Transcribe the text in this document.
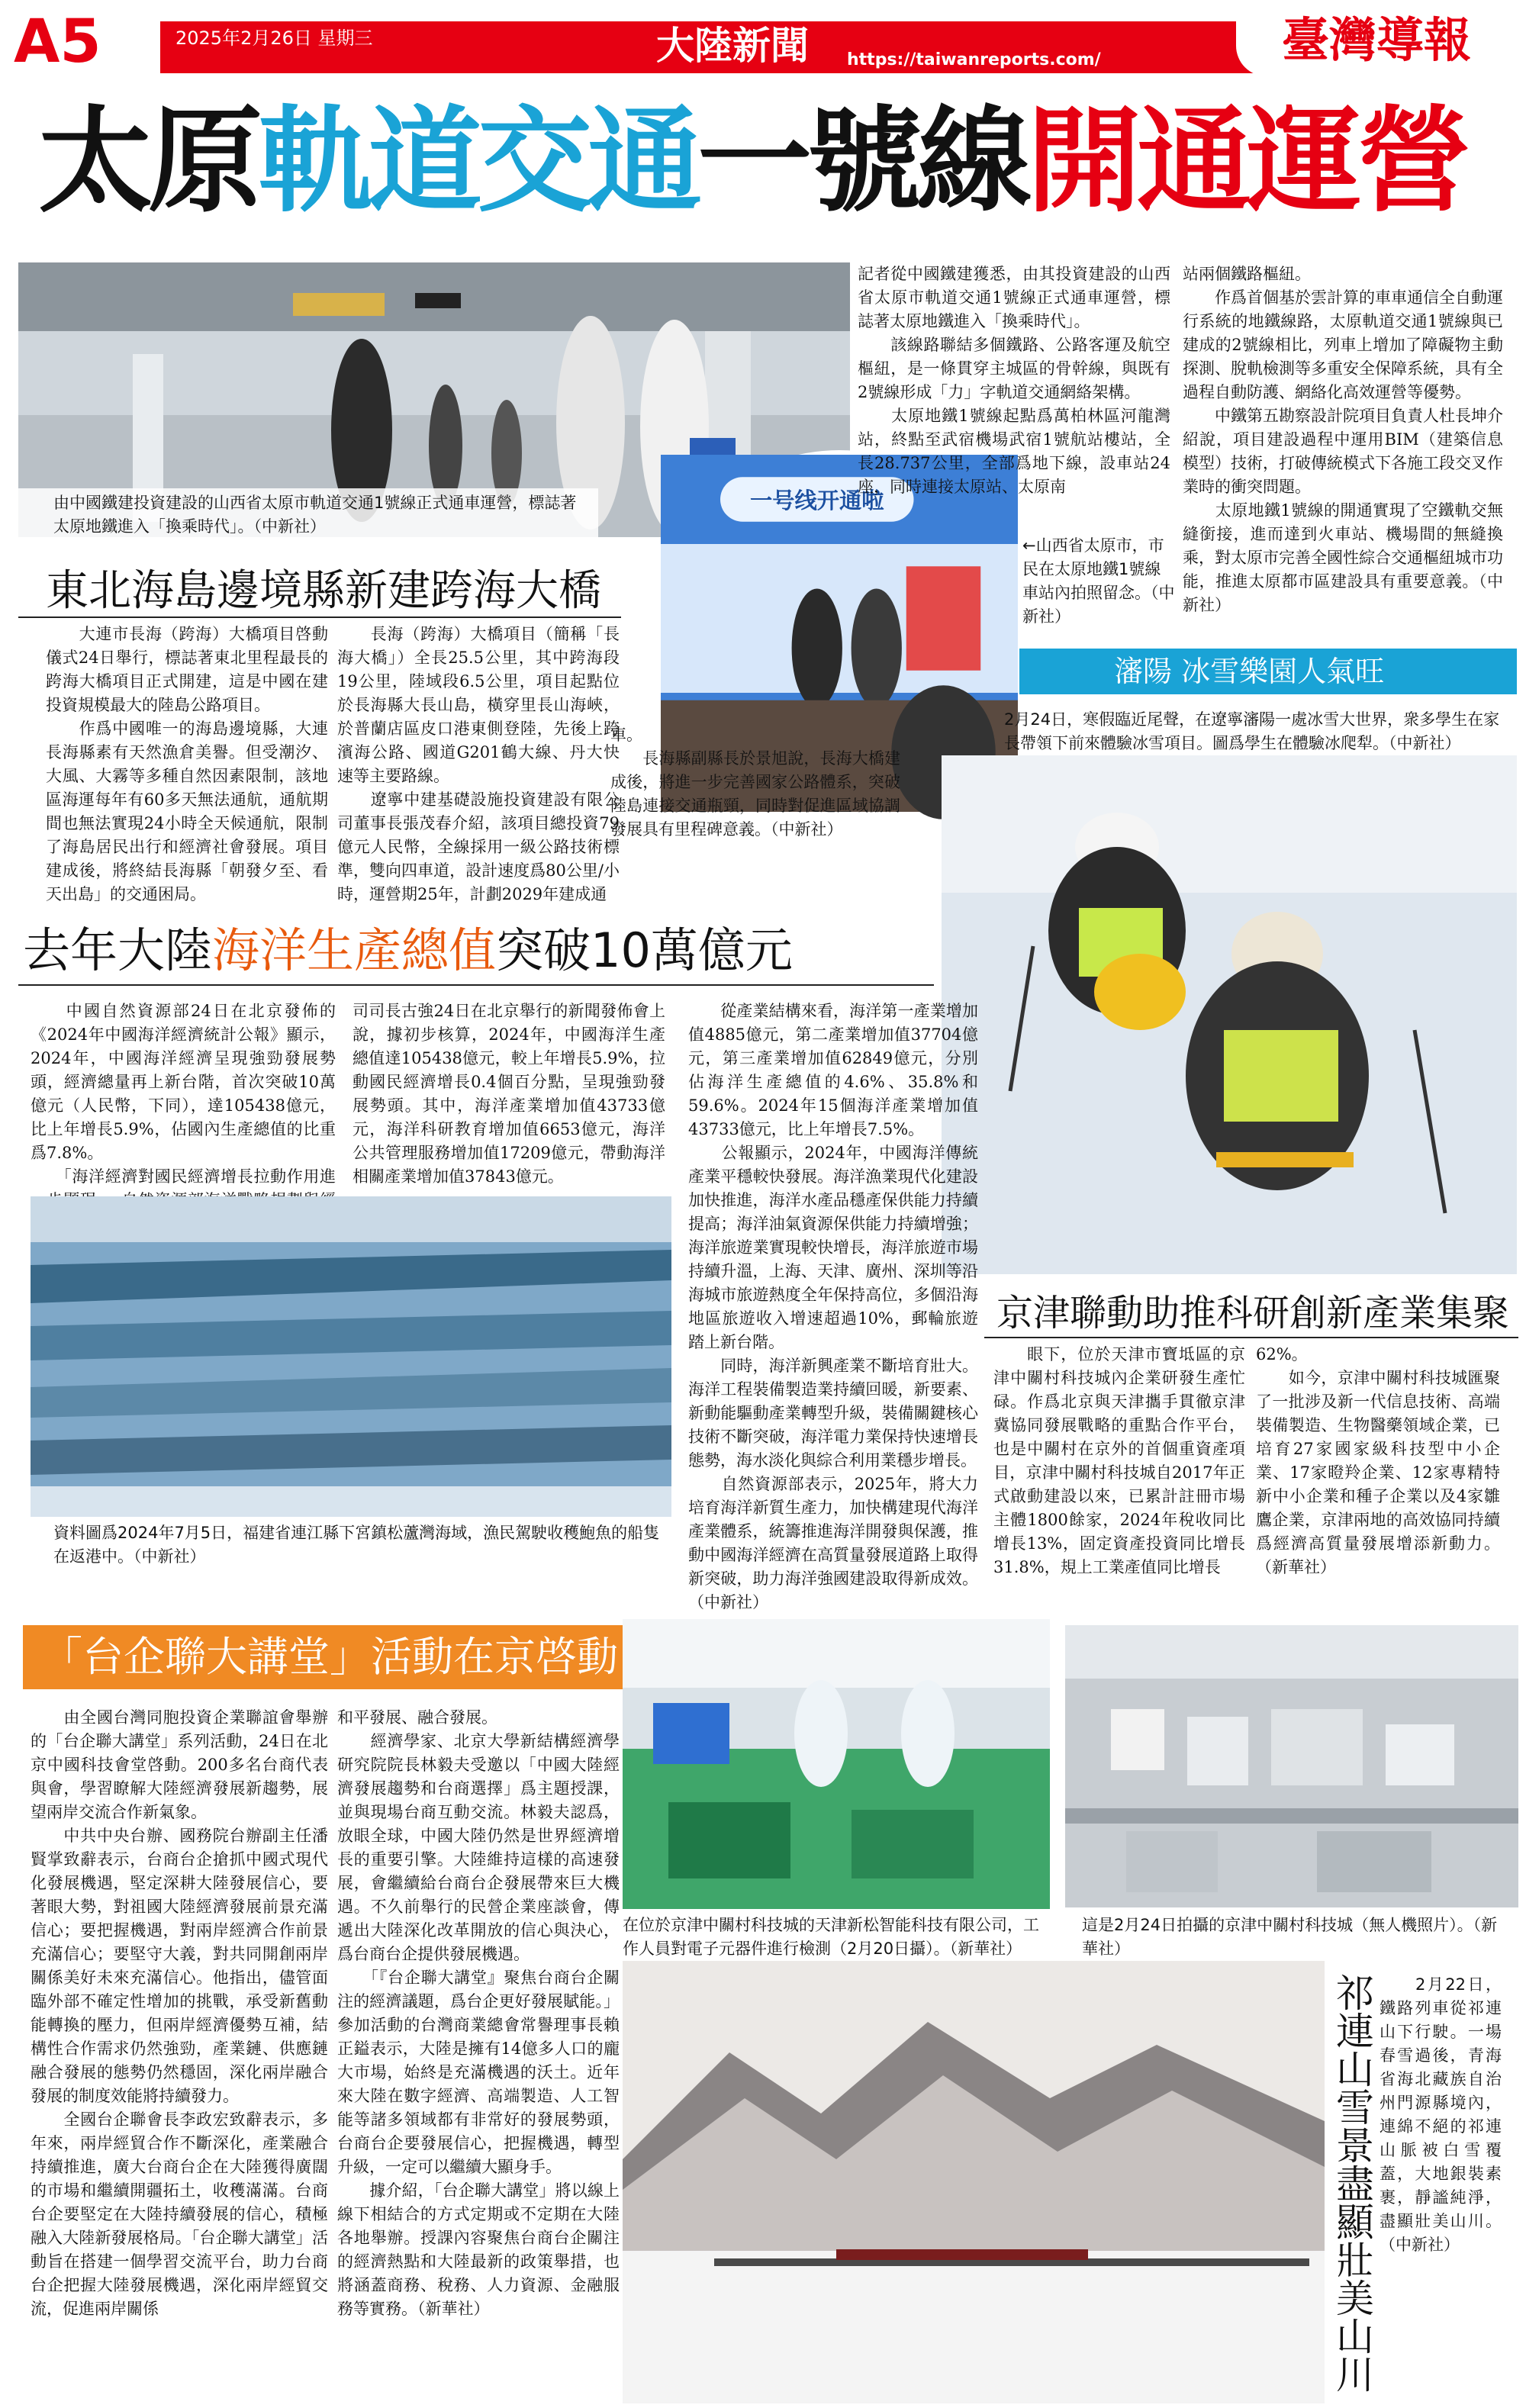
A5	2025年2月26日 星期三	大陸新聞 https://taiwanreports.com/	臺灣導報
太原軌道交通一號線開通運營
由中國鐵建投資建設的山西省太原市軌道交通1號線正式通車運營，標誌著太原地鐵進入「換乘時代」。（中新社）
一号线开通啦
記者從中國鐵建獲悉，由其投資建設的山西省太原市軌道交通1號線正式通車運營，標誌著太原地鐵進入「換乘時代」。
　　該線路聯結多個鐵路、公路客運及航空樞紐，是一條貫穿主城區的骨幹線，與既有2號線形成「力」字軌道交通網絡架構。
　　太原地鐵1號線起點爲萬柏林區河龍灣站，終點至武宿機場武宿1號航站樓站，全長28.737公里，全部爲地下線，設車站24座，同時連接太原站、太原南
站兩個鐵路樞紐。
　　作爲首個基於雲計算的車車通信全自動運行系統的地鐵線路，太原軌道交通1號線與已建成的2號線相比，列車上增加了障礙物主動探測、脫軌檢測等多重安全保障系統，具有全過程自動防護、網絡化高效運營等優勢。
　　中鐵第五勘察設計院項目負責人杜長坤介紹說，項目建設過程中運用BIM（建築信息模型）技術，打破傳統模式下各施工段交叉作業時的衝突問題。
　　太原地鐵1號線的開通實現了空鐵軌交無縫銜接，進而達到火車站、機場間的無縫換乘，對太原市完善全國性綜合交通樞紐城市功能，推進太原都市區建設具有重要意義。（中新社）
←山西省太原市，市民在太原地鐵1號線車站內拍照留念。（中新社）
東北海島邊境縣新建跨海大橋
　　大連市長海（跨海）大橋項目啓動儀式24日舉行，標誌著東北里程最長的跨海大橋項目正式開建，這是中國在建投資規模最大的陸島公路項目。
　　作爲中國唯一的海島邊境縣，大連長海縣素有天然漁倉美譽。但受潮汐、大風、大霧等多種自然因素限制，該地區海運每年有60多天無法通航，通航期間也無法實現24小時全天候通航，限制了海島居民出行和經濟社會發展。項目建成後，將終結長海縣「朝發夕至、看天出島」的交通困局。
　　長海（跨海）大橋項目（簡稱「長海大橋」）全長25.5公里，其中跨海段19公里，陸域段6.5公里，項目起點位於長海縣大長山島，橫穿里長山海峽，於普蘭店區皮口港東側登陸，先後上跨濱海公路、國道G201鶴大線、丹大快速等主要路線。
　　遼寧中建基礎設施投資建設有限公司董事長張茂春介紹，該項目總投資79億元人民幣，全線採用一級公路技術標準，雙向四車道，設計速度爲80公里/小時，運營期25年，計劃2029年建成通
車。
　　長海縣副縣長於景旭說，長海大橋建成後，將進一步完善國家公路體系，突破陸島連接交通瓶頸，同時對促進區域協調發展具有里程碑意義。（中新社）
瀋陽 冰雪樂園人氣旺
2月24日，寒假臨近尾聲，在遼寧瀋陽一處冰雪大世界，衆多學生在家長帶領下前來體驗冰雪項目。圖爲學生在體驗冰爬犁。（中新社）
去年大陸海洋生產總值突破10萬億元
　　中國自然資源部24日在北京發佈的《2024年中國海洋經濟統計公報》顯示，2024年，中國海洋經濟呈現強勁發展勢頭，經濟總量再上新台階，首次突破10萬億元（人民幣，下同），達105438億元，比上年增長5.9%，佔國內生產總值的比重爲7.8%。
　　「海洋經濟對國民經濟增長拉動作用進
司司長古強24日在北京舉行的新聞發佈會上說，據初步核算，2024年，中國海洋生產總值達105438億元，較上年增長5.9%，拉動國民經濟增長0.4個百分點，呈現強勁發展勢頭。其中，海洋產業增加值43733億元，海洋科研教育增加值6653億元，海洋公共管理服務增加值17209億元，帶動海洋相關產業增加值37843億元。
　　從產業結構來看，海洋第一產業增加值4885億元，第二產業增加值37704億元，第三產業增加值62849億元，分別佔海洋生產總值的4.6%、35.8%和59.6%。2024年15個海洋產業增加值43733億元，比上年增長7.5%。
　　公報顯示，2024年，中國海洋傳統產業平穩較快發展。海洋漁業現代化建設加快推進，海洋水產品穩產保供能力持續提高；海洋油氣資源保供能力持續增強；海洋旅遊業實現較快增長，海洋旅遊市場持續升溫，上海、天津、廣州、深圳等沿海城市旅遊熱度全年保持高位，多個沿海地區旅遊收入增速超過10%，郵輪旅遊踏上新台階。
　　同時，海洋新興產業不斷培育壯大。海洋工程裝備製造業持續回暖，新要素、新動能驅動產業轉型升級，裝備關鍵核心技術不斷突破，海洋電力業保持快速增長態勢，海水淡化與綜合利用業穩步增長。
　　自然資源部表示，2025年，將大力培育海洋新質生產力，加快構建現代海洋產業體系，統籌推進海洋開發與保護，推動中國海洋經濟在高質量發展道路上取得新突破，助力海洋強國建設取得新成效。（中新社）
資料圖爲2024年7月5日，福建省連江縣下宮鎮松蘆灣海域，漁民駕駛收穫鮑魚的船隻在返港中。（中新社）
京津聯動助推科研創新產業集聚
　　眼下，位於天津市寶坻區的京津中關村科技城內企業研發生產忙碌。作爲北京與天津攜手貫徹京津冀協同發展戰略的重點合作平台，也是中關村在京外的首個重資產項目，京津中關村科技城自2017年正式啟動建設以來，已累計註冊市場主體1800餘家，2024年稅收同比增長13%，固定資產投資同比增長31.8%，規上工業產值同比增長
62%。
　　如今，京津中關村科技城匯聚了一批涉及新一代信息技術、高端裝備製造、生物醫藥領域企業，已培育27家國家級科技型中小企業、17家瞪羚企業、12家專精特新中小企業和種子企業以及4家雛鷹企業，京津兩地的高效協同持續爲經濟高質量發展增添新動力。（新華社）
「台企聯大講堂」活動在京啓動
　　由全國台灣同胞投資企業聯誼會舉辦的「台企聯大講堂」系列活動，24日在北京中國科技會堂啓動。200多名台商代表與會，學習瞭解大陸經濟發展新趨勢，展望兩岸交流合作新氣象。
　　中共中央台辦、國務院台辦副主任潘賢掌致辭表示，台商台企搶抓中國式現代化發展機遇，堅定深耕大陸發展信心，要著眼大勢，對祖國大陸經濟發展前景充滿信心；要把握機遇，對兩岸經濟合作前景充滿信心；要堅守大義，對共同開創兩岸關係美好未來充滿信心。他指出，儘管面臨外部不確定性增加的挑戰，承受新舊動能轉換的壓力，但兩岸經濟優勢互補，結構性合作需求仍然強勁，產業鏈、供應鏈融合發展的態勢仍然穩固，深化兩岸融合發展的制度效能將持續發力。
　　全國台企聯會長李政宏致辭表示，多年來，兩岸經貿合作不斷深化，產業融合持續推進，廣大台商台企在大陸獲得廣闊的市場和繼續開疆拓土，收穫滿滿。台商台企要堅定在大陸持續發展的信心，積極融入大陸新發展格局。「台企聯大講堂」活動旨在搭建一個學習交流平台，助力台商台企把握大陸發展機遇，深化兩岸經貿交流，促進兩岸關係
和平發展、融合發展。
　　經濟學家、北京大學新結構經濟學研究院院長林毅夫受邀以「中國大陸經濟發展趨勢和台商選擇」爲主題授課，並與現場台商互動交流。林毅夫認爲，放眼全球，中國大陸仍然是世界經濟增長的重要引擎。大陸維持這樣的高速發展，會繼續給台商台企發展帶來巨大機遇。不久前舉行的民營企業座談會，傳遞出大陸深化改革開放的信心與決心，爲台商台企提供發展機遇。
　　「『台企聯大講堂』聚焦台商台企關注的經濟議題，爲台企更好發展賦能。」參加活動的台灣商業總會常譽理事長賴正鎰表示，大陸是擁有14億多人口的龐大市場，始終是充滿機遇的沃土。近年來大陸在數字經濟、高端製造、人工智能等諸多領域都有非常好的發展勢頭，台商台企要發展信心，把握機遇，轉型升級，一定可以繼續大顯身手。
　　據介紹，「台企聯大講堂」將以線上線下相結合的方式定期或不定期在大陸各地舉辦。授課內容聚焦台商台企關注的經濟熱點和大陸最新的政策舉措，也將涵蓋商務、稅務、人力資源、金融服務等實務。（新華社）
在位於京津中關村科技城的天津新松智能科技有限公司，工作人員對電子元器件進行檢測（2月20日攝）。（新華社）
這是2月24日拍攝的京津中關村科技城（無人機照片）。（新華社）
祁連山雪景盡顯壯美山川 　　2月22日，鐵路列車從祁連山下行駛。一場春雪過後，青海省海北藏族自治州門源縣境內，連綿不絕的祁連山脈被白雪覆蓋，大地銀裝素裹，靜謐純淨，盡顯壯美山川。（中新社）
